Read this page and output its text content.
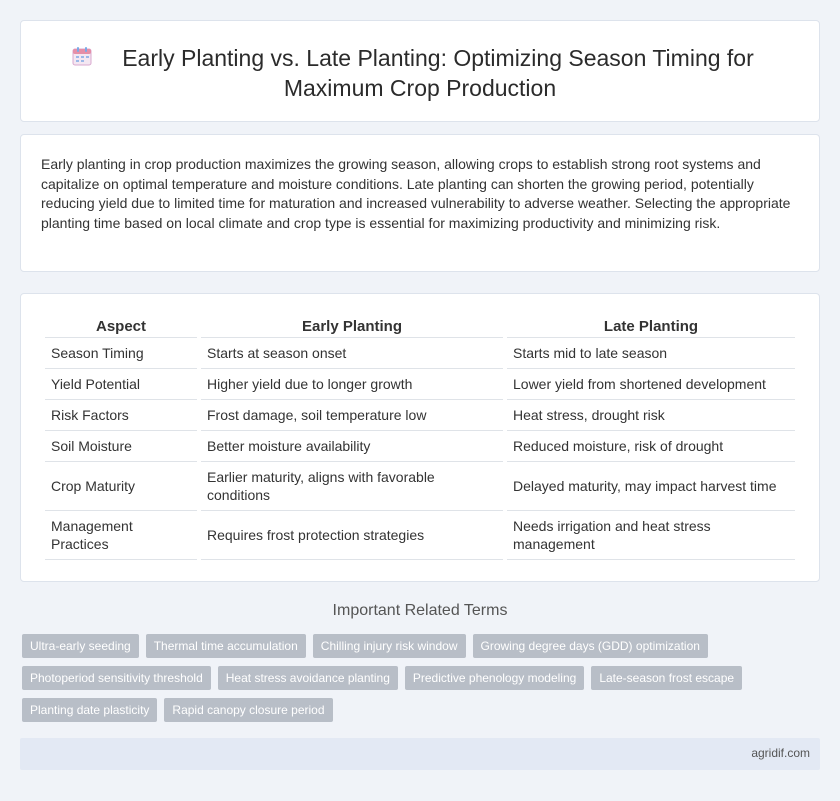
Early Planting vs. Late Planting: Optimizing Season Timing for
Maximum Crop Production

Early planting in crop production maximizes the growing season, allowing crops to establish strong root systems and capitalize on optimal temperature and moisture conditions. Late planting can shorten the growing period, potentially reducing yield due to limited time for maturation and increased vulnerability to adverse weather. Selecting the appropriate planting time based on local climate and crop type is essential for maximizing productivity and minimizing risk.

Aspect	Early Planting	Late Planting
Season Timing	Starts at season onset	Starts mid to late season
Yield Potential	Higher yield due to longer growth	Lower yield from shortened development
Risk Factors	Frost damage, soil temperature low	Heat stress, drought risk
Soil Moisture	Better moisture availability	Reduced moisture, risk of drought
Crop Maturity	Earlier maturity, aligns with favorable conditions	Delayed maturity, may impact harvest time
Management Practices	Requires frost protection strategies	Needs irrigation and heat stress management
Important Related Terms
Ultra-early seeding	Thermal time accumulation	Chilling injury risk window	Growing degree days (GDD) optimization
Photoperiod sensitivity threshold	Heat stress avoidance planting	Predictive phenology modeling	Late-season frost escape
Planting date plasticity	Rapid canopy closure period
agridif.com
